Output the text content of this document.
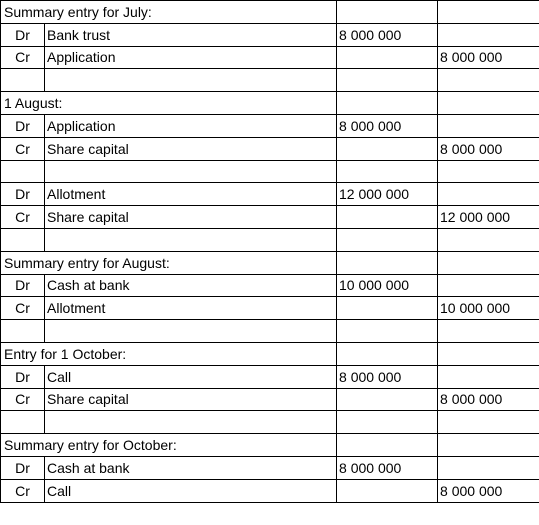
Summary entry for July:			
Dr	Bank trust	8 000 000	
Cr	Application		8 000 000

1 August:			
Dr	Application	8 000 000	
Cr	Share capital		8 000 000

Dr	Allotment	12 000 000	
Cr	Share capital		12 000 000

Summary entry for August:			
Dr	Cash at bank	10 000 000	
Cr	Allotment		10 000 000

Entry for 1 October:			
Dr	Call	8 000 000	
Cr	Share capital		8 000 000

Summary entry for October:			
Dr	Cash at bank	8 000 000	
Cr	Call		8 000 000
